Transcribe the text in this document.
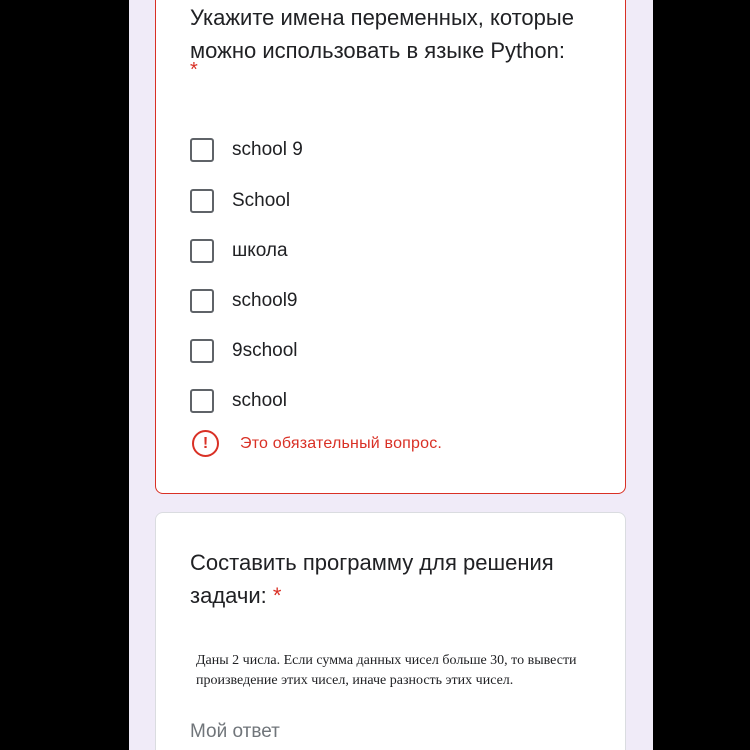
Укажите имена переменных, которые можно использовать в языке Python:
*
school 9
School
школа
school9
9school
school
!	Это обязательный вопрос.
Составить программу для решения задачи: *
Даны 2 числа. Если сумма данных чисел больше 30, то вывести произведение этих чисел, иначе разность этих чисел.
Мой ответ
